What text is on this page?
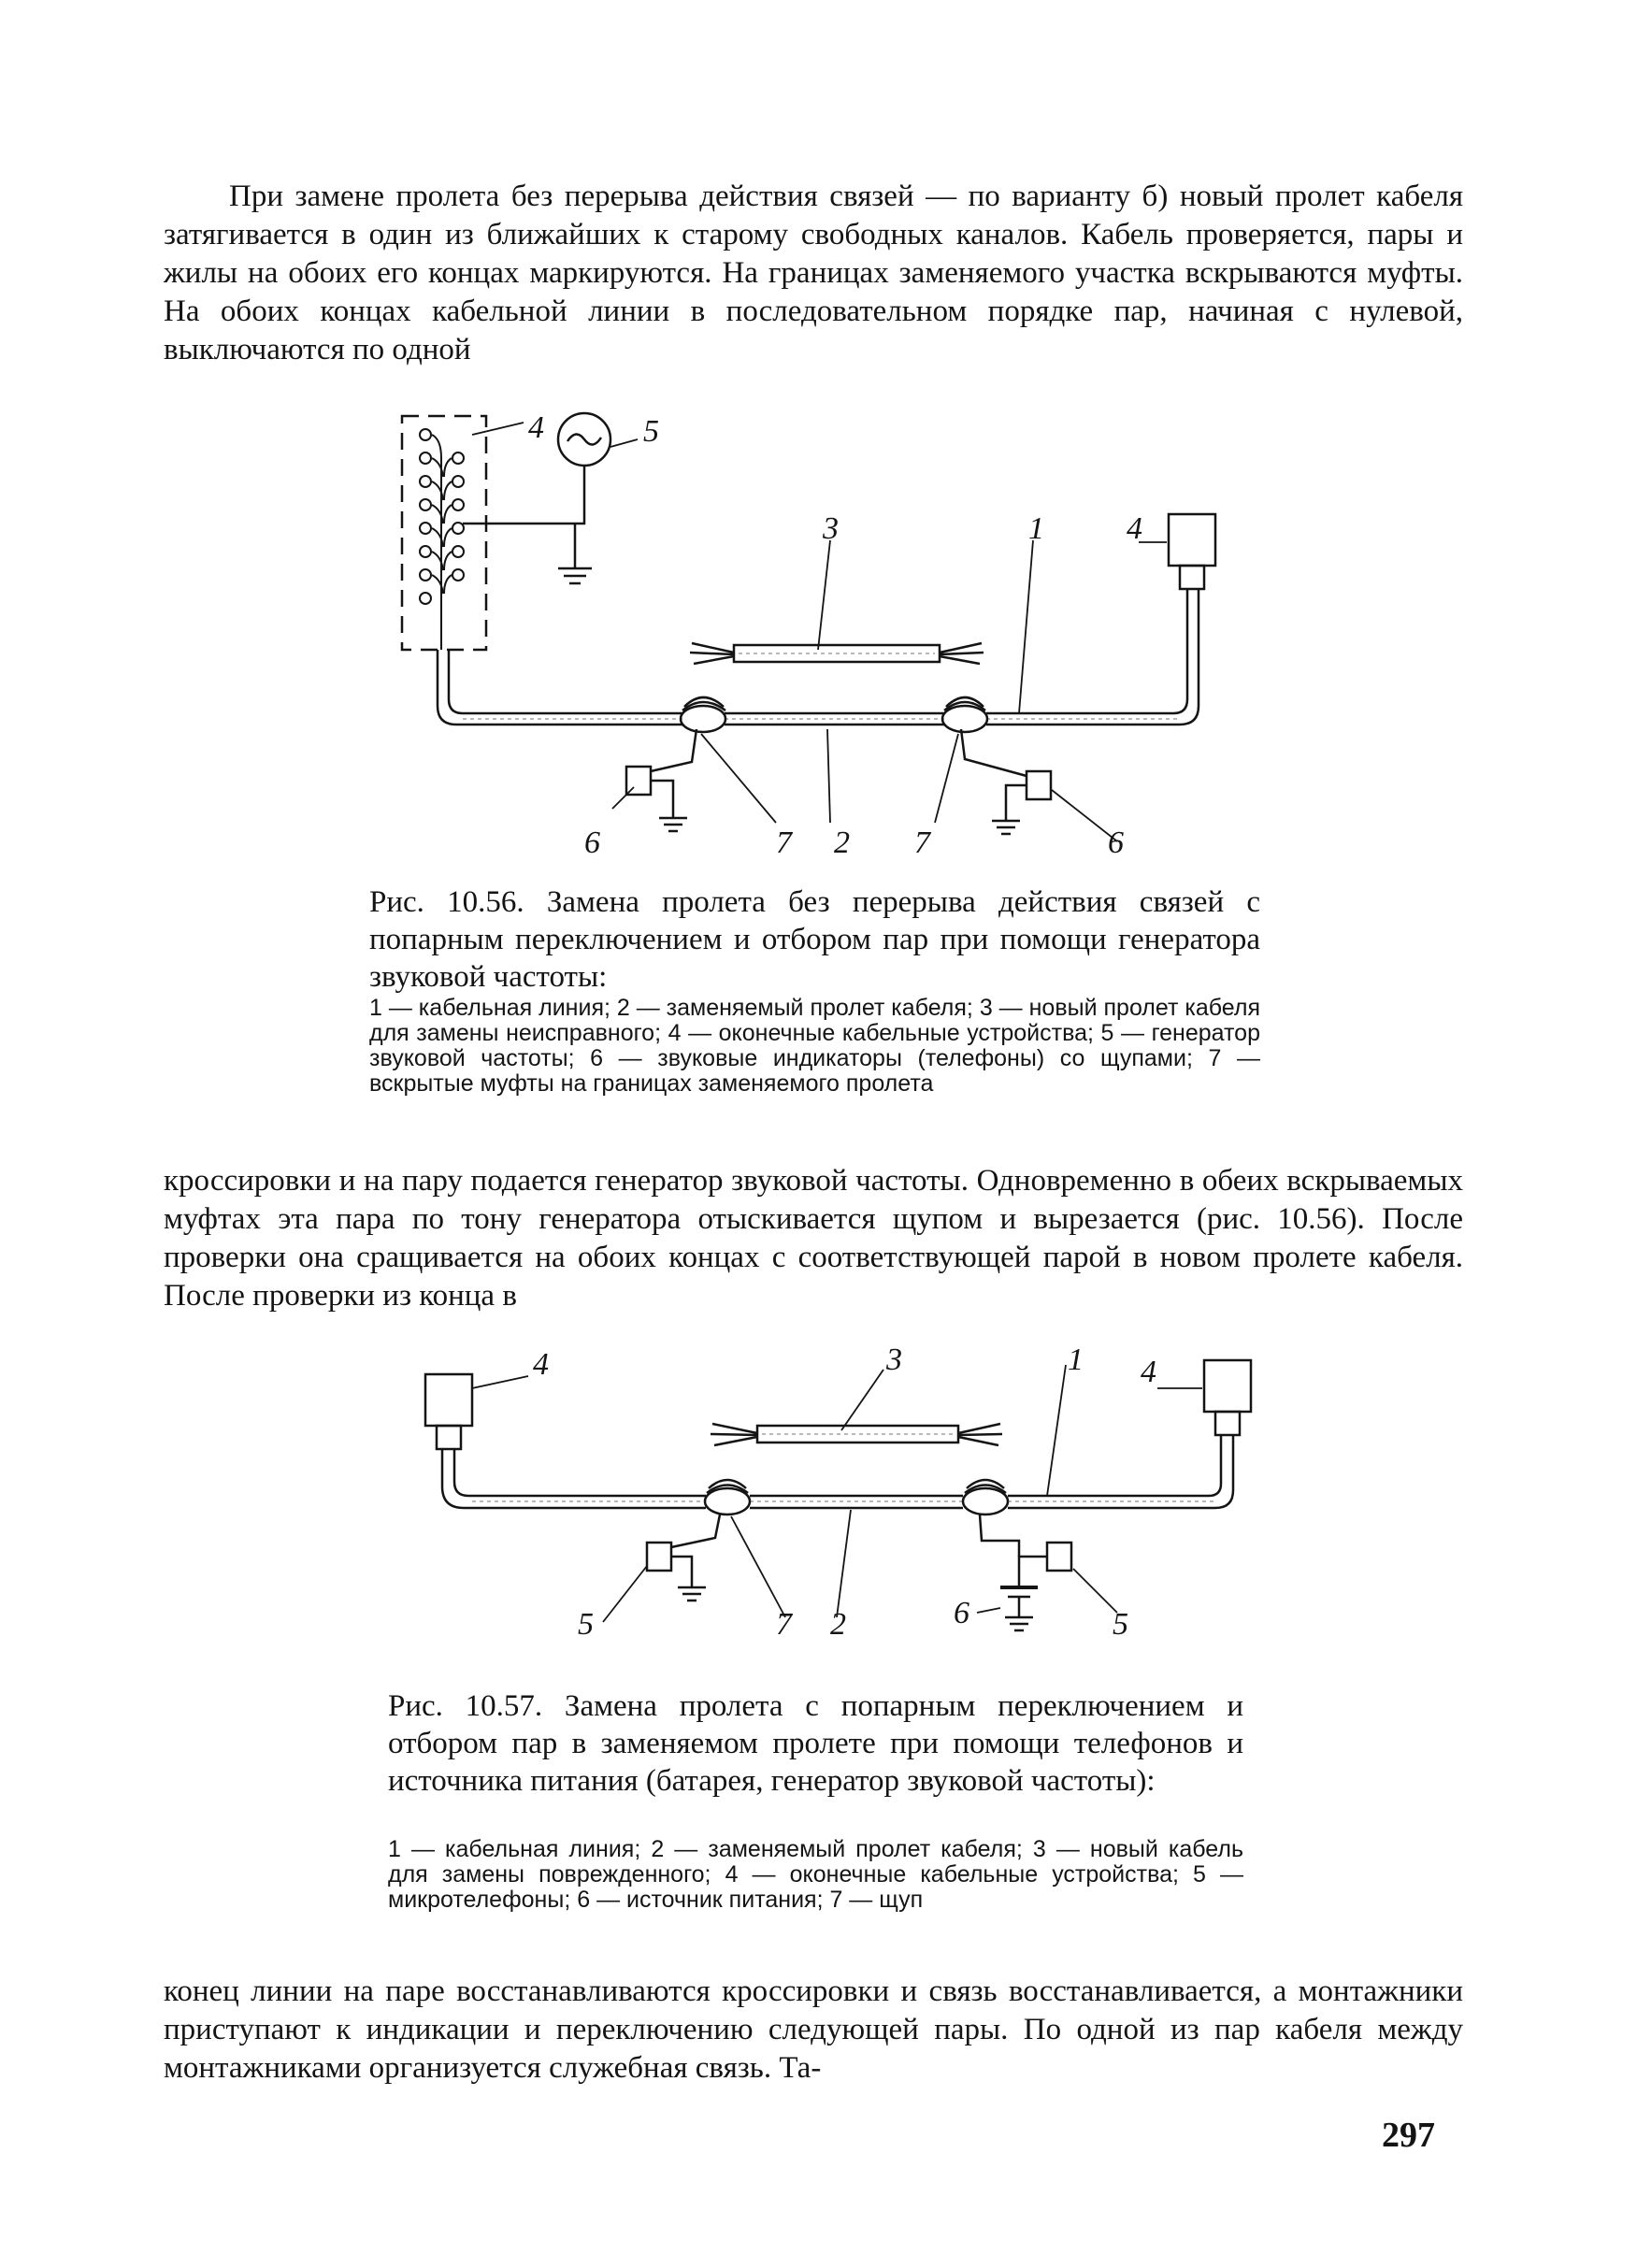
При замене пролета без перерыва действия связей — по варианту б) новый пролет кабеля затягивается в один из ближайших к старому свободных каналов. Кабель проверяется, пары и жилы на обоих его концах маркируются. На границах заменяемого участка вскрываются муфты. На обоих концах кабельной линии в последовательном порядке пар, начиная с нулевой, выключаются по одной

4	5
3	1	4
6	7 2 7	6

Рис. 10.56. Замена пролета без перерыва действия связей с попарным переключением и отбором пар при помощи генератора звуковой частоты:

1 — кабельная линия; 2 — заменяемый пролет кабеля; 3 — новый пролет кабеля для замены неисправного; 4 — оконечные кабельные устройства; 5 — генератор звуковой частоты; 6 — звуковые индикаторы (телефоны) со щупами; 7 — вскрытые муфты на границах заменяемого пролета

кроссировки и на пару подается генератор звуковой частоты. Одновременно в обеих вскрываемых муфтах эта пара по тону генератора отыскивается щупом и вырезается (рис. 10.56). После проверки она сращивается на обоих концах с соответствующей парой в новом пролете кабеля. После проверки из конца в

4	3	1 4
5	7 2	6	5

Рис. 10.57. Замена пролета с попарным переключением и отбором пар в заменяемом пролете при помощи телефонов и источника питания (батарея, генератор звуковой частоты):

1 — кабельная линия; 2 — заменяемый пролет кабеля; 3 — новый кабель для замены поврежденного; 4 — оконечные кабельные устройства; 5 — микротелефоны; 6 — источник питания; 7 — щуп

конец линии на паре восстанавливаются кроссировки и связь восстанавливается, а монтажники приступают к индикации и переключению следующей пары. По одной из пар кабеля между монтажниками организуется служебная связь. Та-

297
